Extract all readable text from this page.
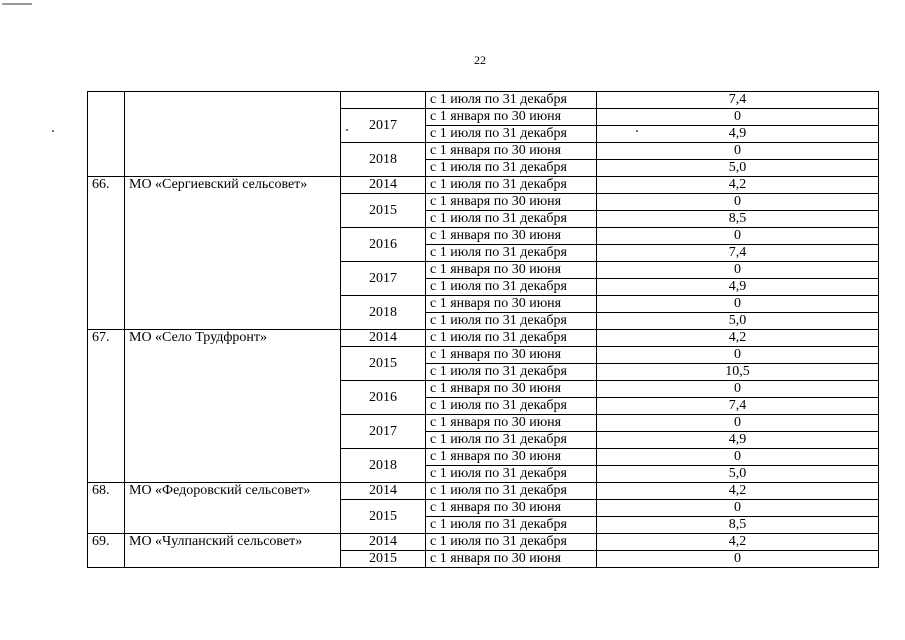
22
			с 1 июля по 31 декабря	7,4
		2017	с 1 января по 30 июня	0
			с 1 июля по 31 декабря	4,9
		2018	с 1 января по 30 июня	0
			с 1 июля по 31 декабря	5,0
66.	МО «Сергиевский сельсовет»	2014	с 1 июля по 31 декабря	4,2
		2015	с 1 января по 30 июня	0
			с 1 июля по 31 декабря	8,5
		2016	с 1 января по 30 июня	0
			с 1 июля по 31 декабря	7,4
		2017	с 1 января по 30 июня	0
			с 1 июля по 31 декабря	4,9
		2018	с 1 января по 30 июня	0
			с 1 июля по 31 декабря	5,0
67.	МО «Село Трудфронт»	2014	с 1 июля по 31 декабря	4,2
		2015	с 1 января по 30 июня	0
			с 1 июля по 31 декабря	10,5
		2016	с 1 января по 30 июня	0
			с 1 июля по 31 декабря	7,4
		2017	с 1 января по 30 июня	0
			с 1 июля по 31 декабря	4,9
		2018	с 1 января по 30 июня	0
			с 1 июля по 31 декабря	5,0
68.	МО «Федоровский сельсовет»	2014	с 1 июля по 31 декабря	4,2
		2015	с 1 января по 30 июня	0
			с 1 июля по 31 декабря	8,5
69.	МО «Чулпанский сельсовет»	2014	с 1 июля по 31 декабря	4,2
		2015	с 1 января по 30 июня	0
